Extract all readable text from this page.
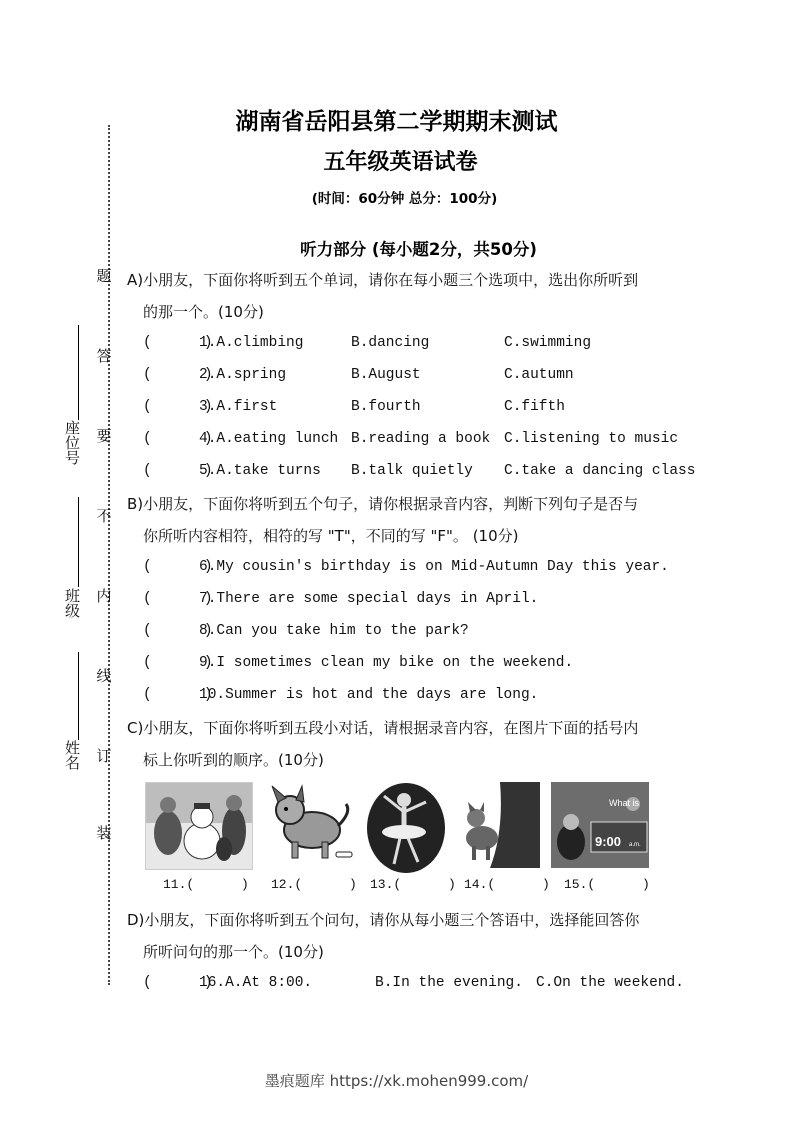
湖南省岳阳县第二学期期末测试
五年级英语试卷
(时间：60分钟 总分：100分)
听力部分 (每小题2分，共50分)
题
答
要
不
内
线
订
装
座位号
班级
姓名
A)小朋友，下面你将听到五个单词，请你在每小题三个选项中，选出你所听到
的那一个。(10分)
(      )
1.A.climbing	B.dancing	C.swimming
(      )
2.A.spring	B.August	C.autumn
(      )
3.A.first	B.fourth	C.fifth
(      )
4.A.eating lunch B.reading a book C.listening to music
(      )
5.A.take turns B.talk quietly C.take a dancing class
B)小朋友，下面你将听到五个句子，请你根据录音内容，判断下列句子是否与
你所听内容相符，相符的写 "T"，不同的写 "F"。 (10分)
(      )
6.My cousin's birthday is on Mid-Autumn Day this year.
(      )
7.There are some special days in April.
(      )
8.Can you take him to the park?
(      )
9.I sometimes clean my bike on the weekend.
(      )
10.Summer is hot and the days are long.
C)小朋友，下面你将听到五段小对话，请根据录音内容，在图片下面的括号内
标上你听到的顺序。(10分)
What is
9:00 a.m.
11.(      ) 12.(      ) 13.(      ) 14.(      ) 15.(      )
D)小朋友，下面你将听到五个问句，请你从每小题三个答语中，选择能回答你
所听问句的那一个。(10分)
(      )
16.A.At 8:00.	B.In the evening. C.On the weekend.
墨痕题库 https://xk.mohen999.com/
